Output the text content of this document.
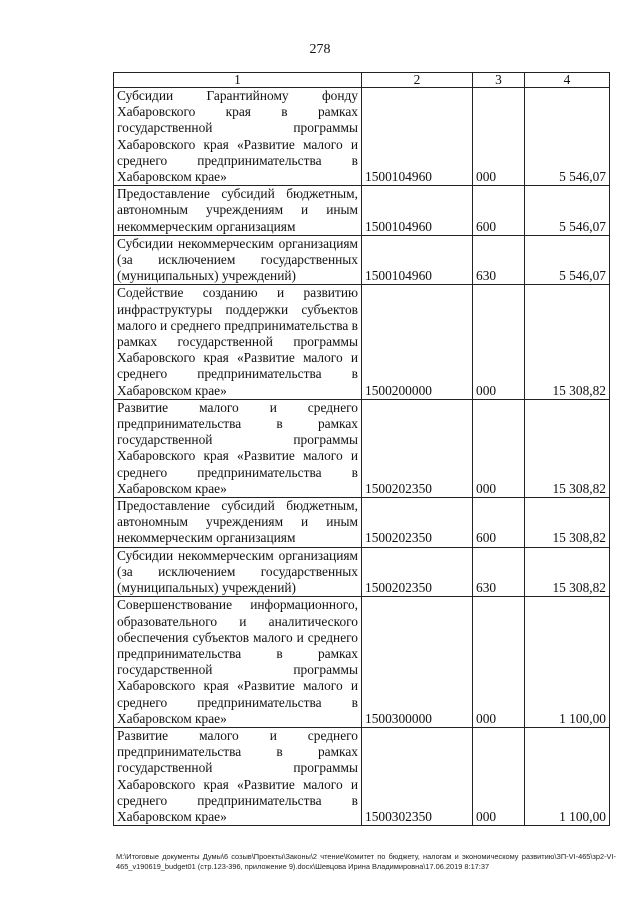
278
1	2	3	4
Субсидии Гарантийному фонду Хабаровского края в рамках государственной программы Хабаровского края «Развитие малого и среднего предпринимательства в Хабаровском крае»	1500104960	000	5 546,07
Предоставление субсидий бюджетным, автономным учреждениям и иным некоммерческим организациям	1500104960	600	5 546,07
Субсидии некоммерческим организациям (за исключением государственных (муниципальных) учреждений)	1500104960	630	5 546,07
Содействие созданию и развитию инфраструктуры поддержки субъектов малого и среднего предпринимательства в рамках государственной программы Хабаровского края «Развитие малого и среднего предпринимательства в Хабаровском крае»	1500200000	000	15 308,82
Развитие малого и среднего предпринимательства в рамках государственной программы Хабаровского края «Развитие малого и среднего предпринимательства в Хабаровском крае»	1500202350	000	15 308,82
Предоставление субсидий бюджетным, автономным учреждениям и иным некоммерческим организациям	1500202350	600	15 308,82
Субсидии некоммерческим организациям (за исключением государственных (муниципальных) учреждений)	1500202350	630	15 308,82
Совершенствование информационного, образовательного и аналитического обеспечения субъектов малого и среднего предпринимательства в рамках государственной программы Хабаровского края «Развитие малого и среднего предпринимательства в Хабаровском крае»	1500300000	000	1 100,00
Развитие малого и среднего предпринимательства в рамках государственной программы Хабаровского края «Развитие малого и среднего предпринимательства в Хабаровском крае»	1500302350	000	1 100,00
M:\Итоговые документы Думы\6 созыв\Проекты\Законы\2 чтение\Комитет по бюджету, налогам и экономическому развитию\ЗП-VI-465\зр2-VI-465_v190619_budget01 (стр.123-396, приложение 9).docx\Шевцова Ирина Владимировна\17.06.2019 8:17:37
